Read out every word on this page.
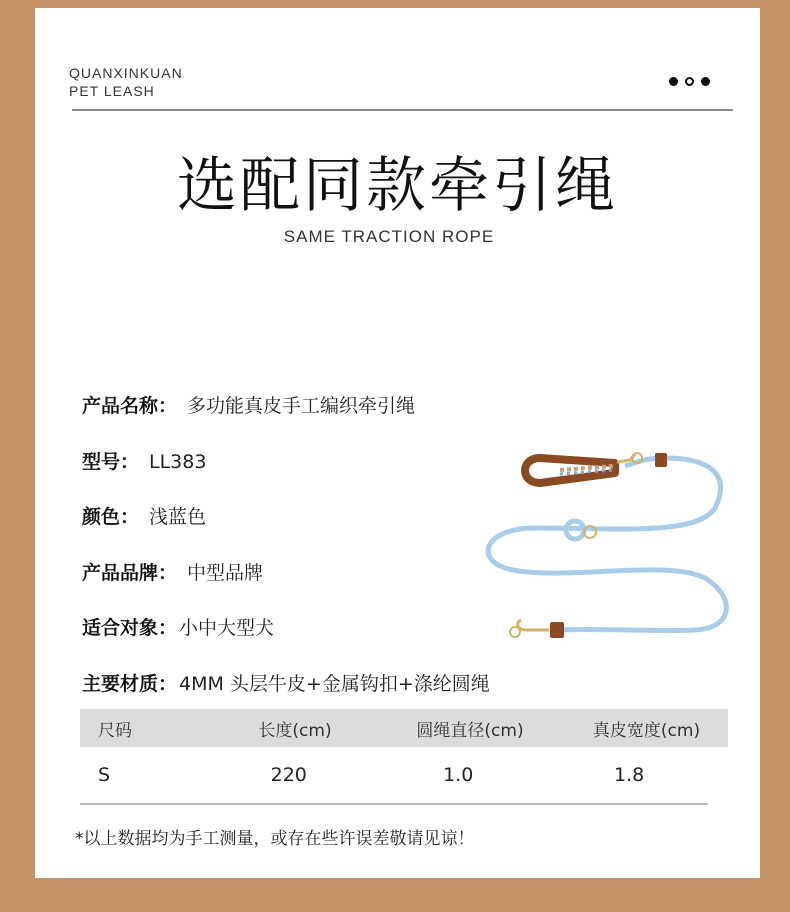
QUANXINKUAN
PET LEASH
选配同款牵引绳
SAME TRACTION ROPE
产品名称： 多功能真皮手工编织牵引绳
型号： LL383
颜色： 浅蓝色
产品品牌： 中型品牌
适合对象： 小中大型犬
主要材质： 4MM 头层牛皮+金属钩扣+涤纶圆绳
尺码	长度(cm)	圆绳直径(cm)	真皮宽度(cm)
S	220	1.0	1.8
*以上数据均为手工测量，或存在些许误差敬请见谅！
